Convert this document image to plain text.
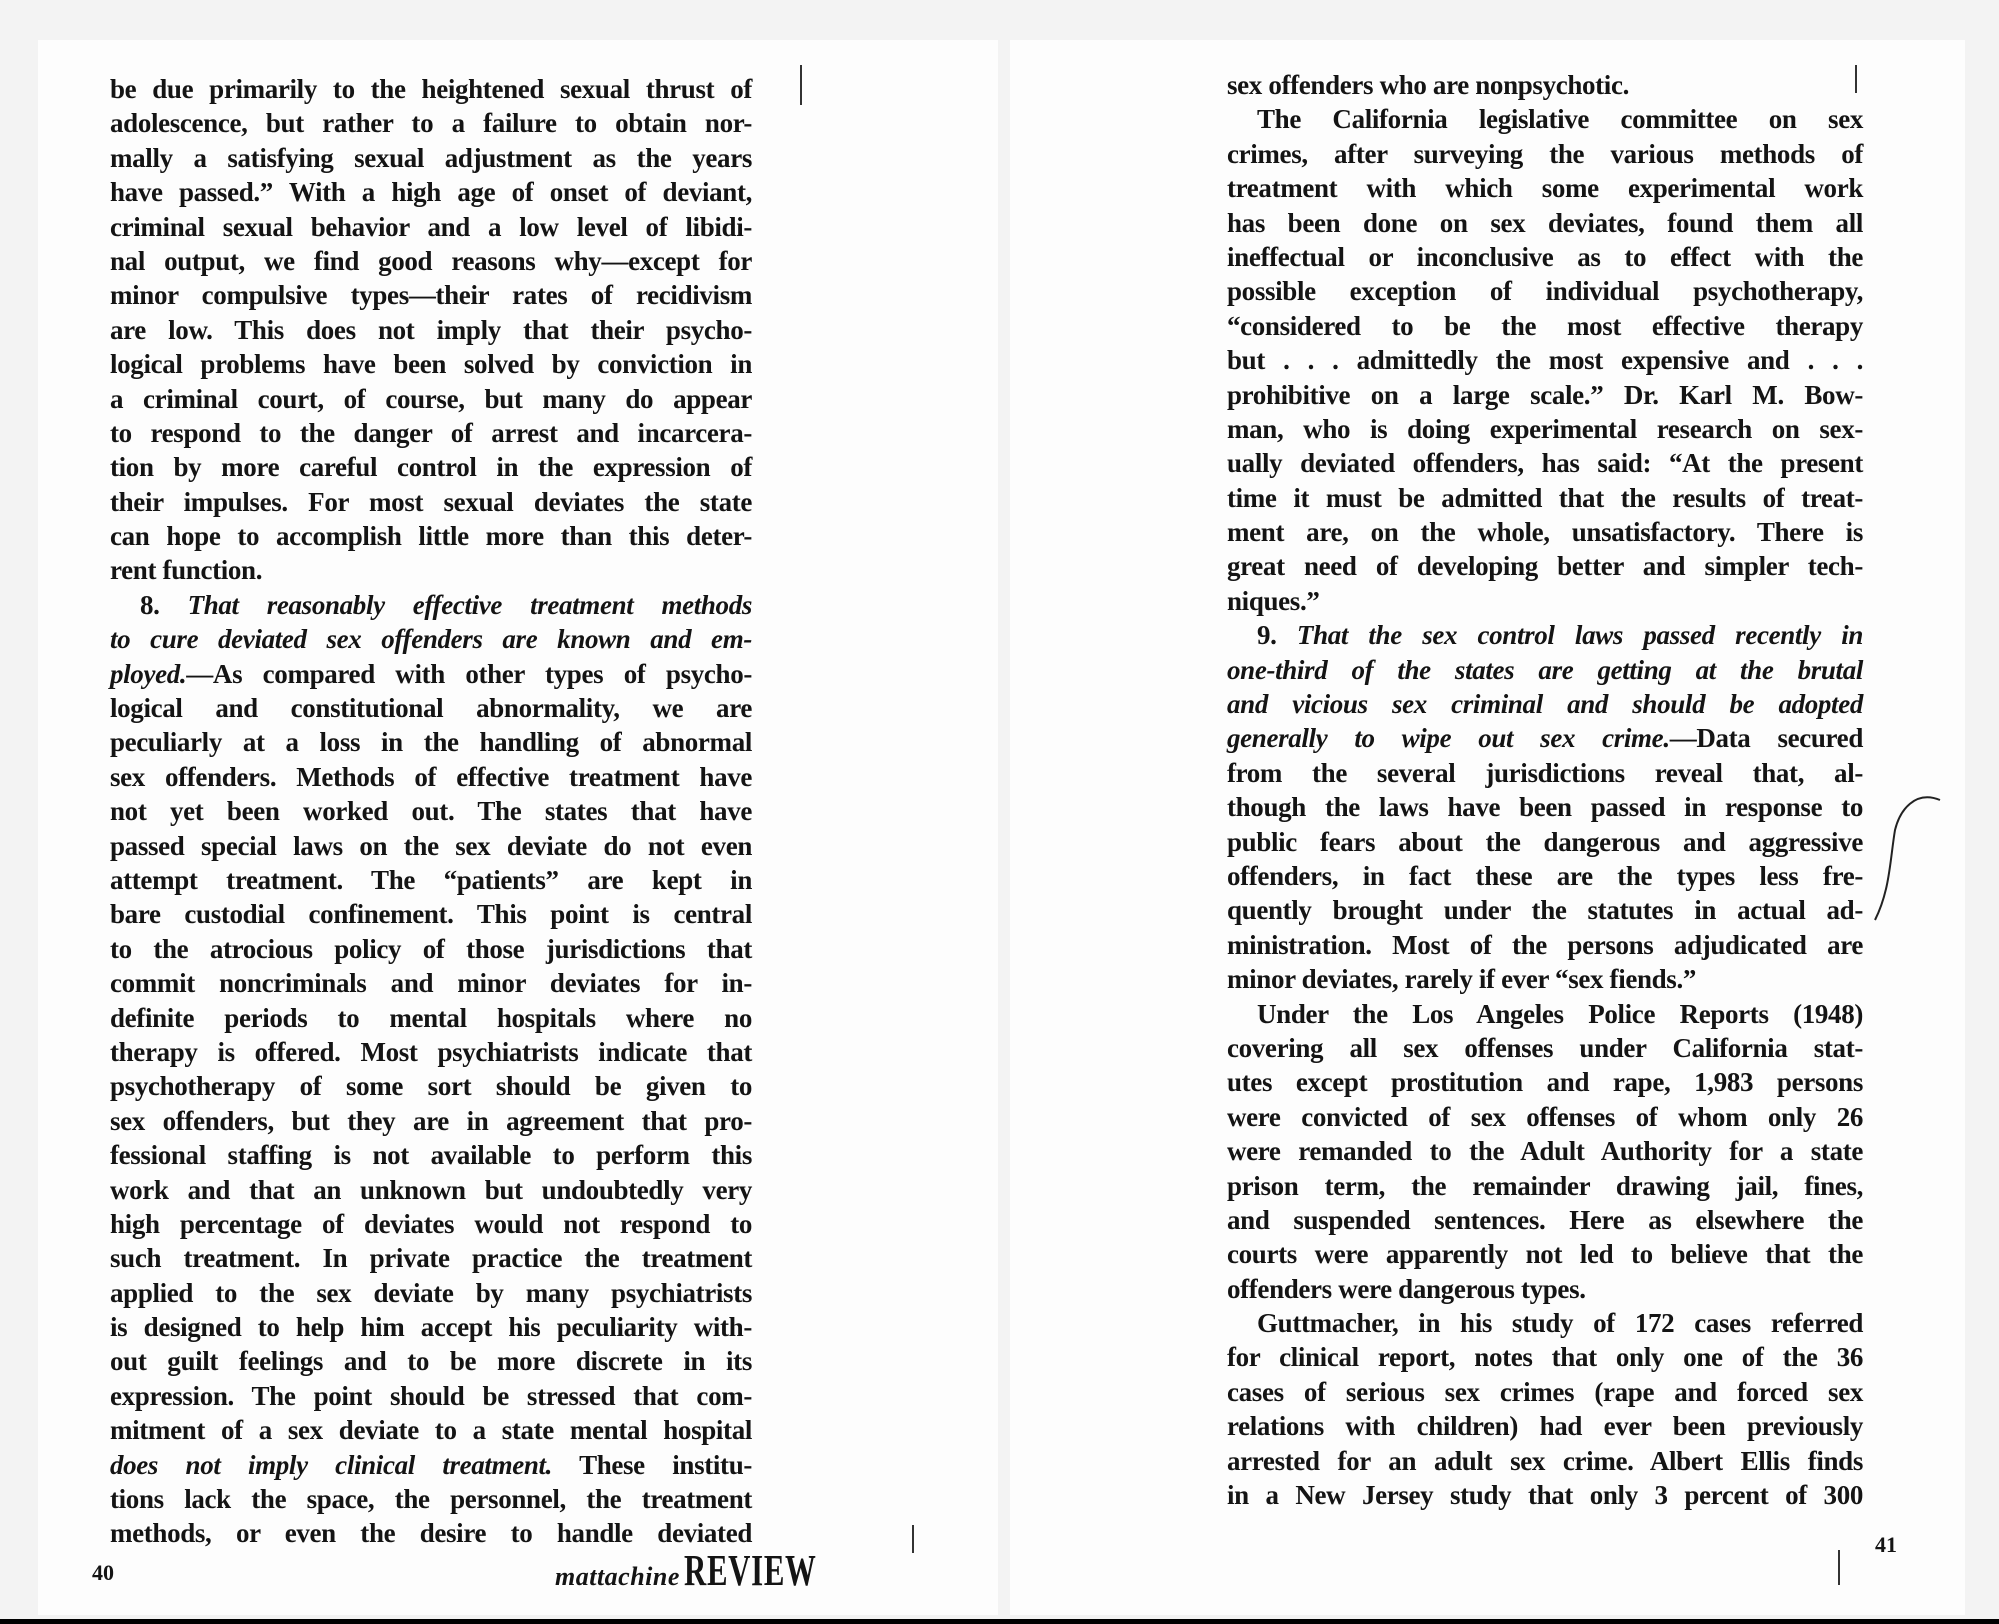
be due primarily to the heightened sexual thrust of
adolescence, but rather to a failure to obtain nor-
mally a satisfying sexual adjustment as the years
have passed.” With a high age of onset of deviant,
criminal sexual behavior and a low level of libidi-
nal output, we find good reasons why—except for
minor compulsive types—their rates of recidivism
are low. This does not imply that their psycho-
logical problems have been solved by conviction in
a criminal court, of course, but many do appear
to respond to the danger of arrest and incarcera-
tion by more careful control in the expression of
their impulses. For most sexual deviates the state
can hope to accomplish little more than this deter-
rent function.
8. That reasonably effective treatment methods
to cure deviated sex offenders are known and em-
ployed.—As compared with other types of psycho-
logical and constitutional abnormality, we are
peculiarly at a loss in the handling of abnormal
sex offenders. Methods of effective treatment have
not yet been worked out. The states that have
passed special laws on the sex deviate do not even
attempt treatment. The “patients” are kept in
bare custodial confinement. This point is central
to the atrocious policy of those jurisdictions that
commit noncriminals and minor deviates for in-
definite periods to mental hospitals where no
therapy is offered. Most psychiatrists indicate that
psychotherapy of some sort should be given to
sex offenders, but they are in agreement that pro-
fessional staffing is not available to perform this
work and that an unknown but undoubtedly very
high percentage of deviates would not respond to
such treatment. In private practice the treatment
applied to the sex deviate by many psychiatrists
is designed to help him accept his peculiarity with-
out guilt feelings and to be more discrete in its
expression. The point should be stressed that com-
mitment of a sex deviate to a state mental hospital
does not imply clinical treatment. These institu-
tions lack the space, the personnel, the treatment
methods, or even the desire to handle deviated
sex offenders who are nonpsychotic.
The California legislative committee on sex
crimes, after surveying the various methods of
treatment with which some experimental work
has been done on sex deviates, found them all
ineffectual or inconclusive as to effect with the
possible exception of individual psychotherapy,
“considered to be the most effective therapy
but . . . admittedly the most expensive and . . .
prohibitive on a large scale.” Dr. Karl M. Bow-
man, who is doing experimental research on sex-
ually deviated offenders, has said: “At the present
time it must be admitted that the results of treat-
ment are, on the whole, unsatisfactory. There is
great need of developing better and simpler tech-
niques.”
9. That the sex control laws passed recently in
one-third of the states are getting at the brutal
and vicious sex criminal and should be adopted
generally to wipe out sex crime.—Data secured
from the several jurisdictions reveal that, al-
though the laws have been passed in response to
public fears about the dangerous and aggressive
offenders, in fact these are the types less fre-
quently brought under the statutes in actual ad-
ministration. Most of the persons adjudicated are
minor deviates, rarely if ever “sex fiends.”
Under the Los Angeles Police Reports (1948)
covering all sex offenses under California stat-
utes except prostitution and rape, 1,983 persons
were convicted of sex offenses of whom only 26
were remanded to the Adult Authority for a state
prison term, the remainder drawing jail, fines,
and suspended sentences. Here as elsewhere the
courts were apparently not led to believe that the
offenders were dangerous types.
Guttmacher, in his study of 172 cases referred
for clinical report, notes that only one of the 36
cases of serious sex crimes (rape and forced sex
relations with children) had ever been previously
arrested for an adult sex crime. Albert Ellis finds
in a New Jersey study that only 3 percent of 300
40	mattachine REVIEW
41
